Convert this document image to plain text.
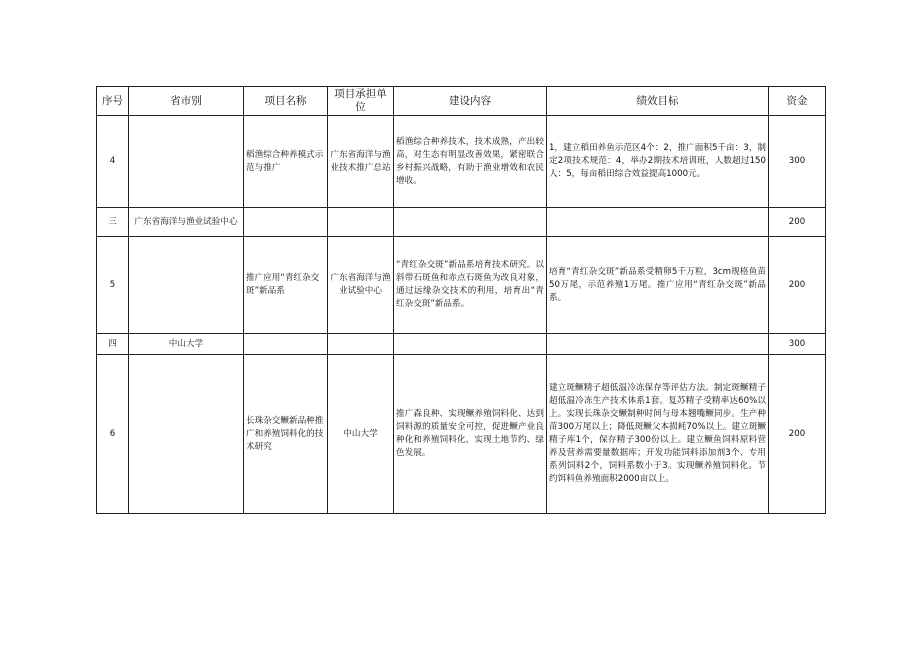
序号	省市别	项目名称	项目承担单位	建设内容	绩效目标	资金
4		稻渔综合种养模式示范与推广	广东省海洋与渔业技术推广总站	稻渔综合种养技术，技术成熟，产出较高，对生态有明显改善效果，紧密联合乡村振兴战略，有助于渔业增效和农民增收。	1，建立稻田养鱼示范区4个：2，推广面积5千亩：3，制定2项技术规范：4，举办2期技术培训班，人数超过150人：5，每亩稻田综合效益提高1000元。	300
三	广东省海洋与渔业试验中心					200
5		推广应用“青红杂交斑”新品系	广东省海洋与渔业试验中心	“青红杂交斑”新品系培育技术研究。以斜带石斑鱼和赤点石斑鱼为改良对象，通过远缘杂交技术的利用，培育出“青红杂交斑”新品系。	培育“青红杂交斑”新品系受精卵5千万粒，3cm规格鱼苗50万尾，示范养殖1万尾。推广应用“青红杂交斑”新品系。	200
四	中山大学					300
6		长珠杂交鳜新品种推广和养殖饲料化的技术研究	中山大学	推广森良种、实现鳜养殖饲料化、达到饲料源的质量安全可控，促进鳜产业良种化和养殖饲料化，实现土地节约、绿色发展。	建立斑鳜精子超低温冷冻保存等评估方法。制定斑鳜精子超低温冷冻生产技术体系1套。复苏精子受精率达60%以上。实现长珠杂交鳜制种时间与母本翘嘴鳜同步。生产种苗300万尾以上；降低斑鳜父本损耗70%以上。建立斑鳜精子库1个，保存精子300份以上。建立鳜鱼饲料原料营养及营养需要量数据库；开发功能饲料添加剂3个、专用系列饲料2个，饲料系数小于3。实现鳜养殖饲料化。节约饵料鱼养殖面积2000亩以上。	200
